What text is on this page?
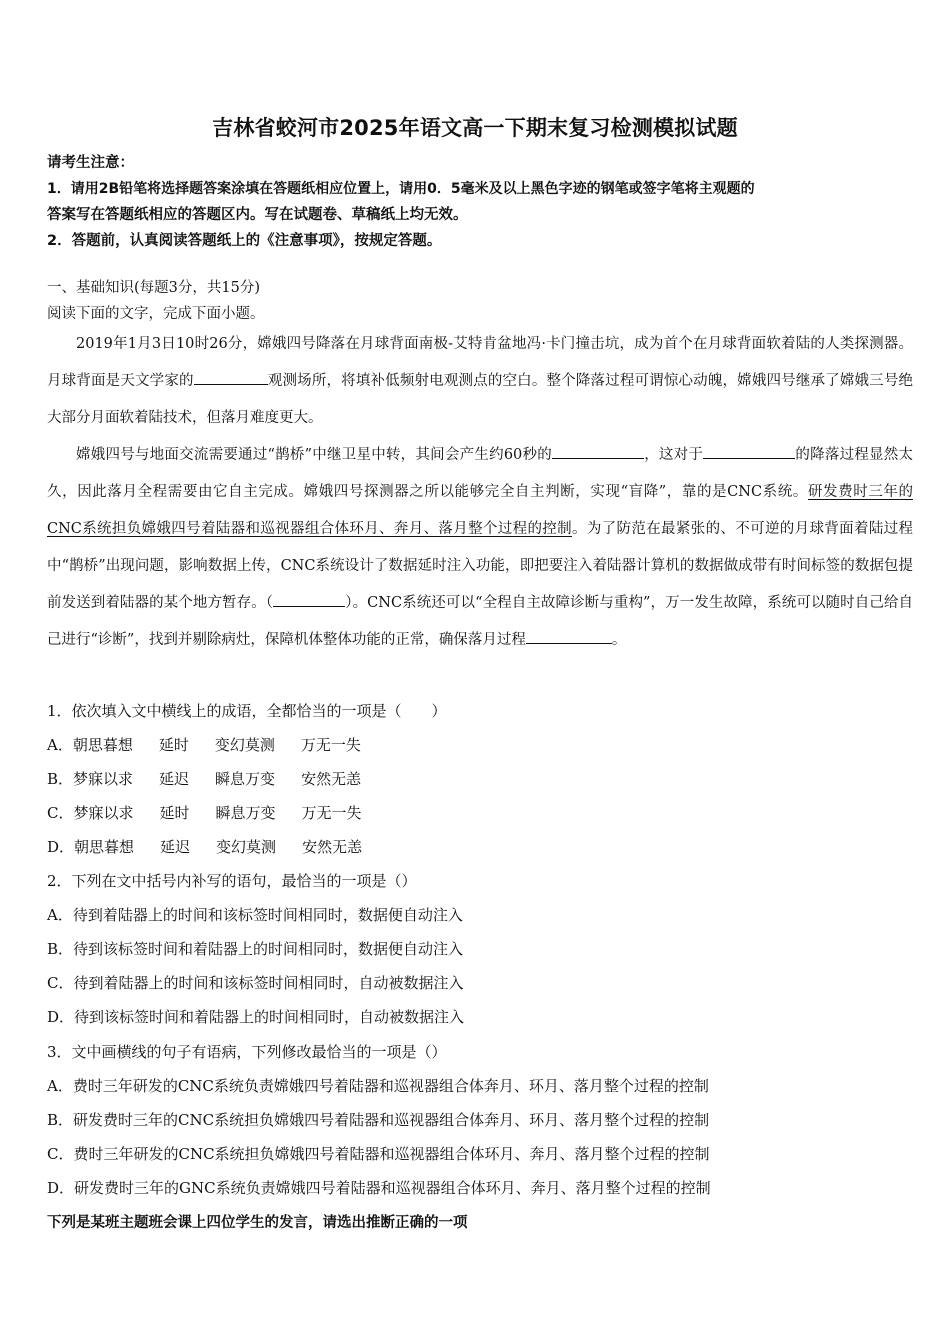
吉林省蛟河市2025年语文高一下期末复习检测模拟试题
请考生注意：
1．请用2B铅笔将选择题答案涂填在答题纸相应位置上，请用0．5毫米及以上黑色字迹的钢笔或签字笔将主观题的
答案写在答题纸相应的答题区内。写在试题卷、草稿纸上均无效。
2．答题前，认真阅读答题纸上的《注意事项》，按规定答题。
一、基础知识(每题3分，共15分)
阅读下面的文字，完成下面小题。

2019年1月3日10时26分，嫦娥四号降落在月球背面南极-艾特肯盆地冯·卡门撞击坑，成为首个在月球背面软着陆的人类探测器。月球背面是天文学家的	观测场所，将填补低频射电观测点的空白。整个降落过程可谓惊心动魄，嫦娥四号继承了嫦娥三号绝大部分月面软着陆技术，但落月难度更大。

嫦娥四号与地面交流需要通过“鹊桥”中继卫星中转，其间会产生约60秒的	，这对于	的降落过程显然太久，因此落月全程需要由它自主完成。嫦娥四号探测器之所以能够完全自主判断，实现“盲降”，靠的是CNC系统。研发费时三年的CNC系统担负嫦娥四号着陆器和巡视器组合体环月、奔月、落月整个过程的控制。为了防范在最紧张的、不可逆的月球背面着陆过程中“鹊桥”出现问题，影响数据上传，CNC系统设计了数据延时注入功能，即把要注入着陆器计算机的数据做成带有时间标签的数据包提前发送到着陆器的某个地方暂存。（	）。CNC系统还可以“全程自主故障诊断与重构”，万一发生故障，系统可以随时自己给自己进行“诊断”，找到并剔除病灶，保障机体整体功能的正常，确保落月过程	。

1．依次填入文中横线上的成语，全都恰当的一项是（　　）
A．朝思暮想 延时 变幻莫测 万无一失
B．梦寐以求 延迟 瞬息万变 安然无恙
C．梦寐以求 延时 瞬息万变 万无一失
D．朝思暮想 延迟 变幻莫测 安然无恙
2．下列在文中括号内补写的语句，最恰当的一项是（）
A．待到着陆器上的时间和该标签时间相同时，数据便自动注入
B．待到该标签时间和着陆器上的时间相同时，数据便自动注入
C．待到着陆器上的时间和该标签时间相同时，自动被数据注入
D．待到该标签时间和着陆器上的时间相同时，自动被数据注入
3．文中画横线的句子有语病，下列修改最恰当的一项是（）
A．费时三年研发的CNC系统负责嫦娥四号着陆器和巡视器组合体奔月、环月、落月整个过程的控制
B．研发费时三年的CNC系统担负嫦娥四号着陆器和巡视器组合体奔月、环月、落月整个过程的控制
C．费时三年研发的CNC系统担负嫦娥四号着陆器和巡视器组合体环月、奔月、落月整个过程的控制
D．研发费时三年的GNC系统负责嫦娥四号着陆器和巡视器组合体环月、奔月、落月整个过程的控制
下列是某班主题班会课上四位学生的发言，请选出推断正确的一项
